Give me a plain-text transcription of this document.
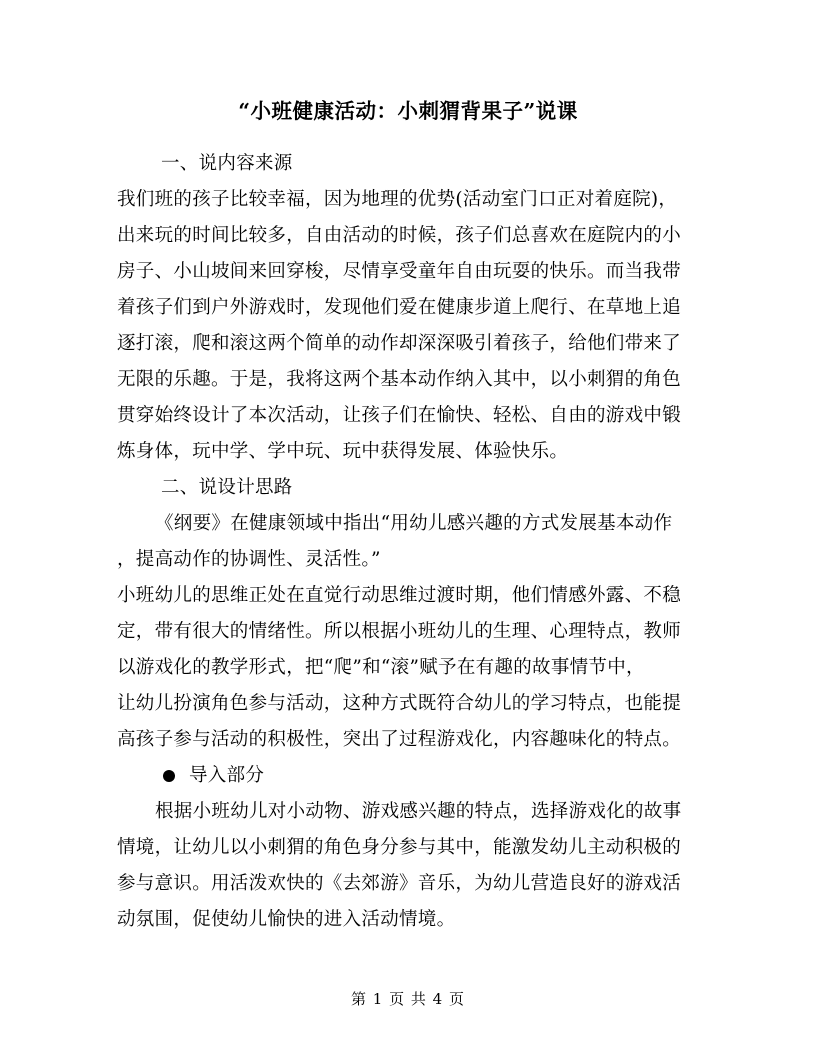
“小班健康活动：小刺猬背果子”说课
一、说内容来源
我们班的孩子比较幸福，因为地理的优势(活动室门口正对着庭院)，
出来玩的时间比较多，自由活动的时候，孩子们总喜欢在庭院内的小
房子、小山坡间来回穿梭，尽情享受童年自由玩耍的快乐。而当我带
着孩子们到户外游戏时，发现他们爱在健康步道上爬行、在草地上追
逐打滚，爬和滚这两个简单的动作却深深吸引着孩子，给他们带来了
无限的乐趣。于是，我将这两个基本动作纳入其中，以小刺猬的角色
贯穿始终设计了本次活动，让孩子们在愉快、轻松、自由的游戏中锻
炼身体，玩中学、学中玩、玩中获得发展、体验快乐。
二、说设计思路
《纲要》在健康领域中指出“用幼儿感兴趣的方式发展基本动作
，提高动作的协调性、灵活性。”
小班幼儿的思维正处在直觉行动思维过渡时期，他们情感外露、不稳
定，带有很大的情绪性。所以根据小班幼儿的生理、心理特点，教师
以游戏化的教学形式，把“爬”和“滚”赋予在有趣的故事情节中，
让幼儿扮演角色参与活动，这种方式既符合幼儿的学习特点，也能提
高孩子参与活动的积极性，突出了过程游戏化，内容趣味化的特点。
导入部分
根据小班幼儿对小动物、游戏感兴趣的特点，选择游戏化的故事
情境，让幼儿以小刺猬的角色身分参与其中，能激发幼儿主动积极的
参与意识。用活泼欢快的《去郊游》音乐，为幼儿营造良好的游戏活
动氛围，促使幼儿愉快的进入活动情境。
第 1 页 共 4 页
